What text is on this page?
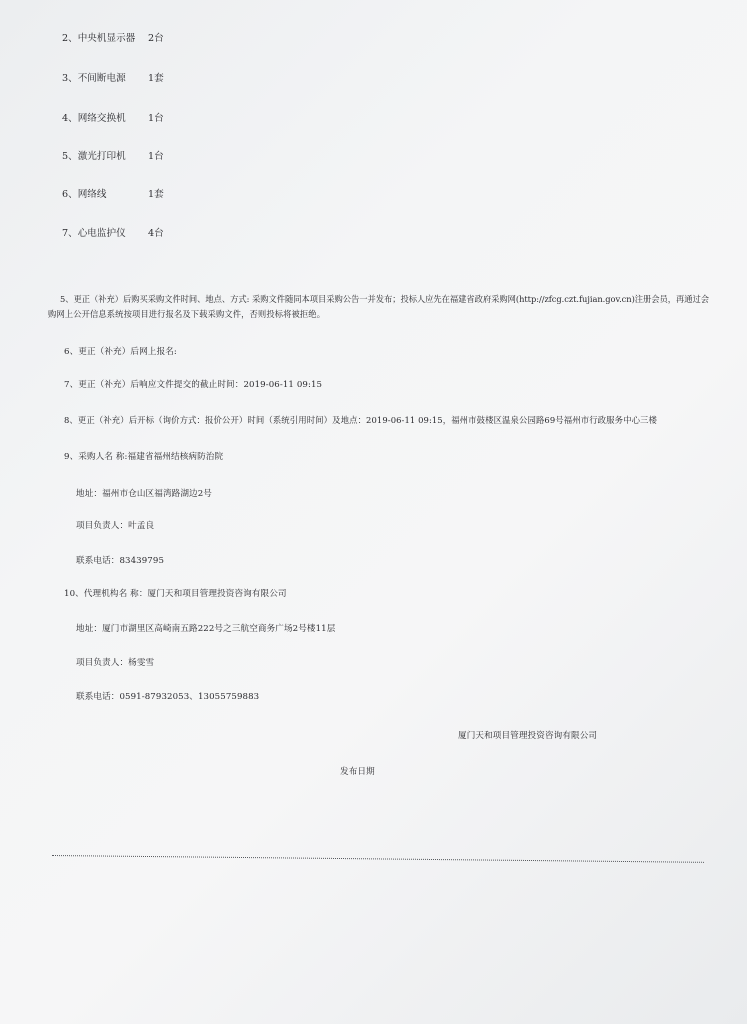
2、中央机显示器 2台
3、不间断电源 1套
4、网络交换机 1台
5、激光打印机 1台
6、网络线	1套
7、心电监护仪 4台
5、更正（补充）后购买采购文件时间、地点、方式: 采购文件随同本项目采购公告一并发布；投标人应先在福建省政府采购网(http://zfcg.czt.fujian.gov.cn)注册会员，再通过会
购网上公开信息系统按项目进行报名及下载采购文件，否则投标将被拒绝。
6、更正（补充）后网上报名:
7、更正（补充）后响应文件提交的截止时间：2019-06-11 09:15
8、更正（补充）后开标（询价方式：报价公开）时间（系统引用时间）及地点：2019-06-11 09:15，福州市鼓楼区温泉公园路69号福州市行政服务中心三楼
9、采购人名 称:福建省福州结核病防治院
地址：福州市仓山区福湾路湖边2号
项目负责人：叶孟良
联系电话：83439795
10、代理机构名 称：厦门天和项目管理投资咨询有限公司
地址：厦门市湖里区高崎南五路222号之三航空商务广场2号楼11层
项目负责人：杨雯雪
联系电话：0591-87932053、13055759883
厦门天和项目管理投资咨询有限公司
发布日期
